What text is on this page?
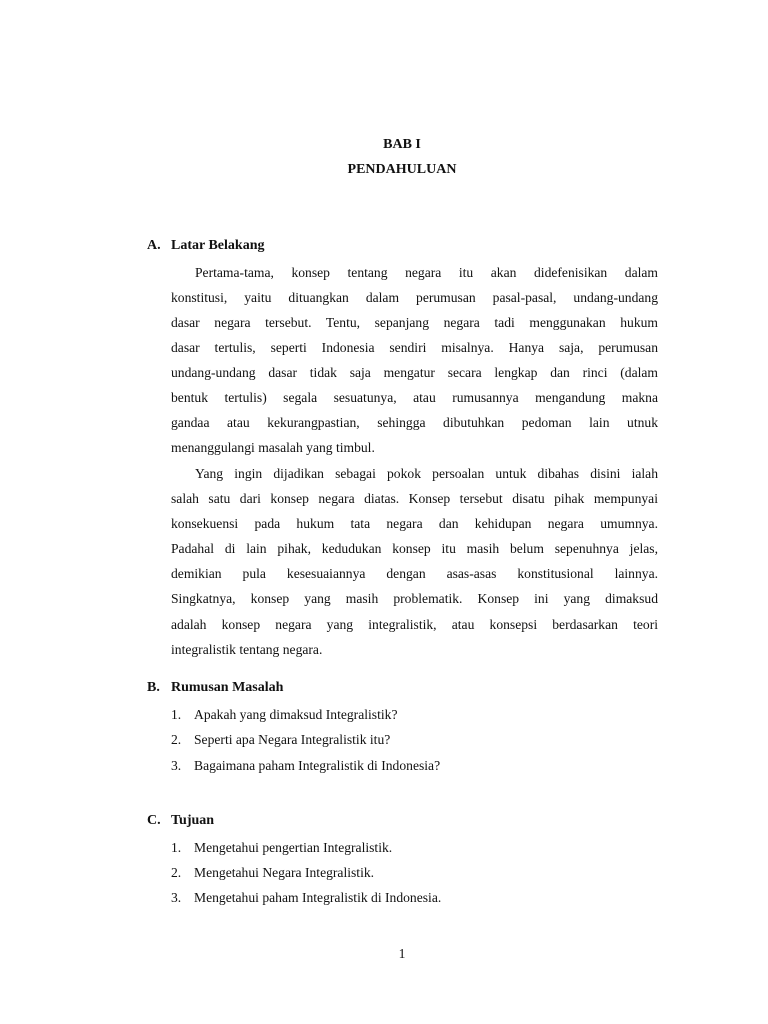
BAB I
PENDAHULUAN
A. Latar Belakang
Pertama-tama, konsep tentang negara itu akan didefenisikan dalam
konstitusi, yaitu dituangkan dalam perumusan pasal-pasal, undang-undang
dasar negara tersebut. Tentu, sepanjang negara tadi menggunakan hukum
dasar tertulis, seperti Indonesia sendiri misalnya. Hanya saja, perumusan
undang-undang dasar tidak saja mengatur secara lengkap dan rinci (dalam
bentuk tertulis) segala sesuatunya, atau rumusannya mengandung makna
gandaa atau kekurangpastian, sehingga dibutuhkan pedoman lain utnuk
menanggulangi masalah yang timbul.
Yang ingin dijadikan sebagai pokok persoalan untuk dibahas disini ialah
salah satu dari konsep negara diatas. Konsep tersebut disatu pihak mempunyai
konsekuensi pada hukum tata negara dan kehidupan negara umumnya.
Padahal di lain pihak, kedudukan konsep itu masih belum sepenuhnya jelas,
demikian pula kesesuaiannya dengan asas-asas konstitusional lainnya.
Singkatnya, konsep yang masih problematik. Konsep ini yang dimaksud
adalah konsep negara yang integralistik, atau konsepsi berdasarkan teori
integralistik tentang negara.
B. Rumusan Masalah
1. Apakah yang dimaksud Integralistik?
2. Seperti apa Negara Integralistik itu?
3. Bagaimana paham Integralistik di Indonesia?
C. Tujuan
1. Mengetahui pengertian Integralistik.
2. Mengetahui Negara Integralistik.
3. Mengetahui paham Integralistik di Indonesia.
1
